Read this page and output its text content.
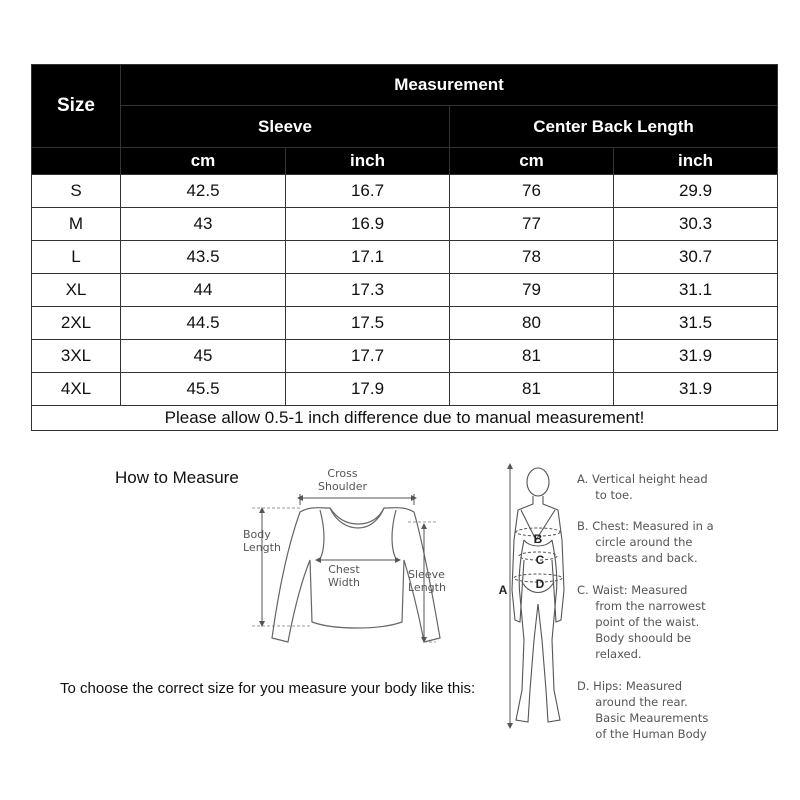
Size	Measurement			
	Sleeve		Center Back Length	
	cm	inch	cm	inch
S	42.5	16.7	76	29.9
M	43	16.9	77	30.3
L	43.5	17.1	78	30.7
XL	44	17.3	79	31.1
2XL	44.5	17.5	80	31.5
3XL	45	17.7	81	31.9
4XL	45.5	17.9	81	31.9
Please allow 0.5-1 inch difference due to manual measurement!				
How to Measure
A
B
C
D
Cross
Shoulder
Body
Length
Chest
Width
Sleeve
Length
A. Vertical height head
to toe.
B. Chest: Measured in a
circle around the
breasts and back.
C. Waist: Measured
from the narrowest
point of the waist.
Body shoould be
relaxed.
D. Hips: Measured
around the rear.
Basic Meaurements
of the Human Body
To choose the correct size for you measure your body like this:
